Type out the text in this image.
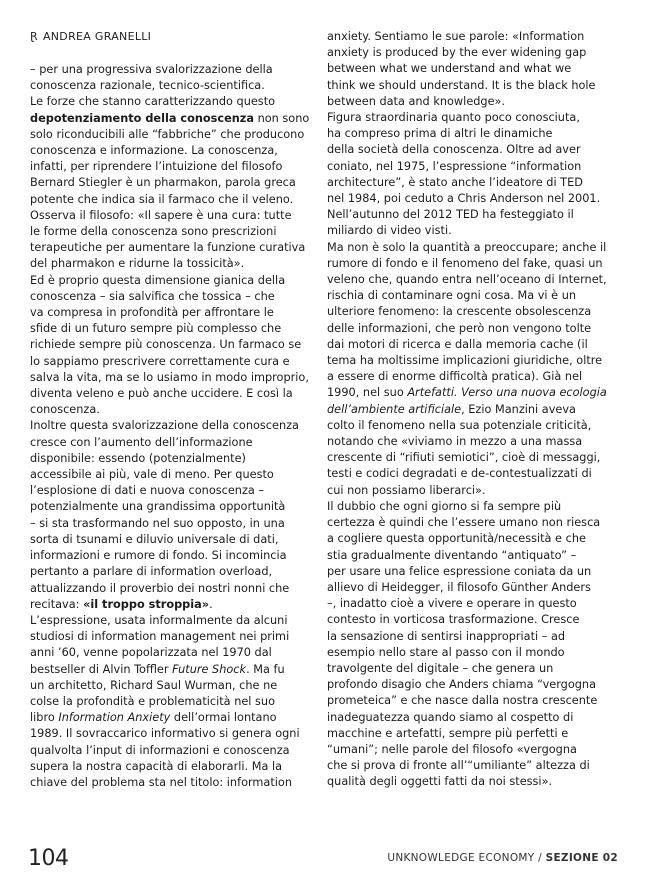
Ɽ ANDREA GRANELLI
– per una progressiva svalorizzazione della
conoscenza razionale, tecnico-scientifica.
Le forze che stanno caratterizzando questo
depotenziamento della conoscenza non sono
solo riconducibili alle “fabbriche” che producono
conoscenza e informazione. La conoscenza,
infatti, per riprendere l’intuizione del filosofo
Bernard Stiegler è un pharmakon, parola greca
potente che indica sia il farmaco che il veleno.
Osserva il filosofo: «Il sapere è una cura: tutte
le forme della conoscenza sono prescrizioni
terapeutiche per aumentare la funzione curativa
del pharmakon e ridurne la tossicità».
Ed è proprio questa dimensione gianica della
conoscenza – sia salvifica che tossica – che
va compresa in profondità per affrontare le
sfide di un futuro sempre più complesso che
richiede sempre più conoscenza. Un farmaco se
lo sappiamo prescrivere correttamente cura e
salva la vita, ma se lo usiamo in modo improprio,
diventa veleno e può anche uccidere. E così la
conoscenza.
Inoltre questa svalorizzazione della conoscenza
cresce con l’aumento dell’informazione
disponibile: essendo (potenzialmente)
accessibile ai più, vale di meno. Per questo
l’esplosione di dati e nuova conoscenza –
potenzialmente una grandissima opportunità
– si sta trasformando nel suo opposto, in una
sorta di tsunami e diluvio universale di dati,
informazioni e rumore di fondo. Si incomincia
pertanto a parlare di information overload,
attualizzando il proverbio dei nostri nonni che
recitava: «il troppo stroppia».
L’espressione, usata informalmente da alcuni
studiosi di information management nei primi
anni ’60, venne popolarizzata nel 1970 dal
bestseller di Alvin Toffler Future Shock. Ma fu
un architetto, Richard Saul Wurman, che ne
colse la profondità e problematicità nel suo
libro Information Anxiety dell’ormai lontano
1989. Il sovraccarico informativo si genera ogni
qualvolta l’input di informazioni e conoscenza
supera la nostra capacità di elaborarli. Ma la
chiave del problema sta nel titolo: information
anxiety. Sentiamo le sue parole: «Information
anxiety is produced by the ever widening gap
between what we understand and what we
think we should understand. It is the black hole
between data and knowledge».
Figura straordinaria quanto poco conosciuta,
ha compreso prima di altri le dinamiche
della società della conoscenza. Oltre ad aver
coniato, nel 1975, l’espressione “information
architecture”, è stato anche l’ideatore di TED
nel 1984, poi ceduto a Chris Anderson nel 2001.
Nell’autunno del 2012 TED ha festeggiato il
miliardo di video visti.
Ma non è solo la quantità a preoccupare; anche il
rumore di fondo e il fenomeno del fake, quasi un
veleno che, quando entra nell’oceano di Internet,
rischia di contaminare ogni cosa. Ma vi è un
ulteriore fenomeno: la crescente obsolescenza
delle informazioni, che però non vengono tolte
dai motori di ricerca e dalla memoria cache (il
tema ha moltissime implicazioni giuridiche, oltre
a essere di enorme difficoltà pratica). Già nel
1990, nel suo Artefatti. Verso una nuova ecologia
dell’ambiente artificiale, Ezio Manzini aveva
colto il fenomeno nella sua potenziale criticità,
notando che «viviamo in mezzo a una massa
crescente di “rifiuti semiotici”, cioè di messaggi,
testi e codici degradati e de-contestualizzati di
cui non possiamo liberarci».
Il dubbio che ogni giorno si fa sempre più
certezza è quindi che l’essere umano non riesca
a cogliere questa opportunità/necessità e che
stia gradualmente diventando “antiquato” –
per usare una felice espressione coniata da un
allievo di Heidegger, il filosofo Günther Anders
–, inadatto cioè a vivere e operare in questo
contesto in vorticosa trasformazione. Cresce
la sensazione di sentirsi inappropriati – ad
esempio nello stare al passo con il mondo
travolgente del digitale – che genera un
profondo disagio che Anders chiama “vergogna
prometeica” e che nasce dalla nostra crescente
inadeguatezza quando siamo al cospetto di
macchine e artefatti, sempre più perfetti e
“umani”; nelle parole del filosofo «vergogna
che si prova di fronte all’“umiliante” altezza di
qualità degli oggetti fatti da noi stessi».
104	UNKNOWLEDGE ECONOMY / SEZIONE 02
